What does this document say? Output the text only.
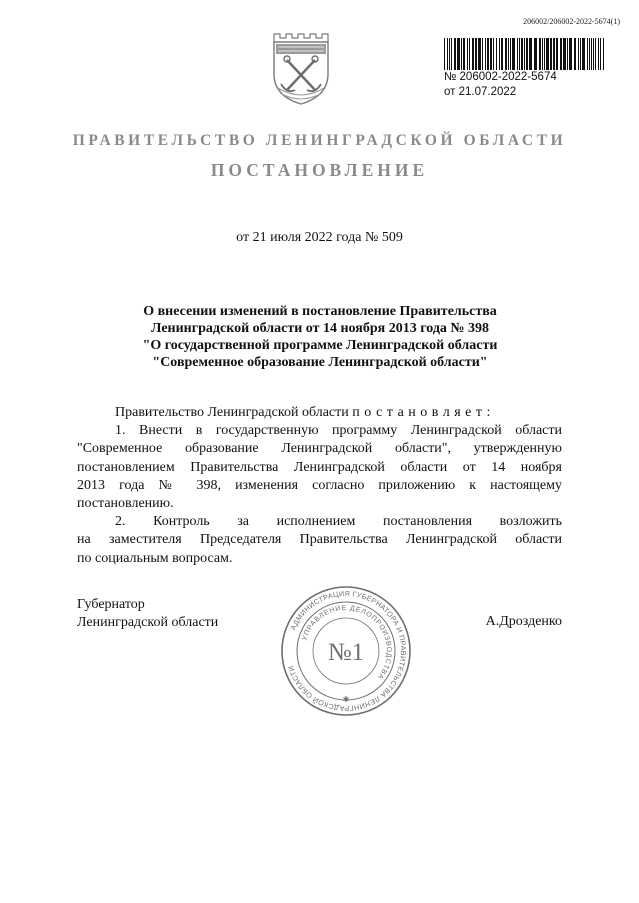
206002/206002-2022-5674(1)
№ 206002-2022-5674
от 21.07.2022
ПРАВИТЕЛЬСТВО ЛЕНИНГРАДСКОЙ ОБЛАСТИ
ПОСТАНОВЛЕНИЕ
от 21 июля 2022 года № 509
О внесении изменений в постановление Правительства
Ленинградской области от 14 ноября 2013 года № 398
"О государственной программе Ленинградской области
"Современное образование Ленинградской области"

Правительство Ленинградской области постановляет:

1. Внести в государственную программу Ленинградской области

"Современное образование Ленинградской области", утвержденную

постановлением Правительства Ленинградской области от 14 ноября

2013 года № 398, изменения согласно приложению к настоящему

постановлению.

2. Контроль за исполнением постановления возложить

на заместителя Председателя Правительства Ленинградской области

по социальным вопросам.

Губернатор
Ленинградской области	А.Дрозденко
АДМИНИСТРАЦИЯ ГУБЕРНАТОРА И ПРАВИТЕЛЬСТВА ЛЕНИНГРАДСКОЙ ОБЛАСТИ
УПРАВЛЕНИЕ ДЕЛОПРОИЗВОДСТВА
№1
✱
